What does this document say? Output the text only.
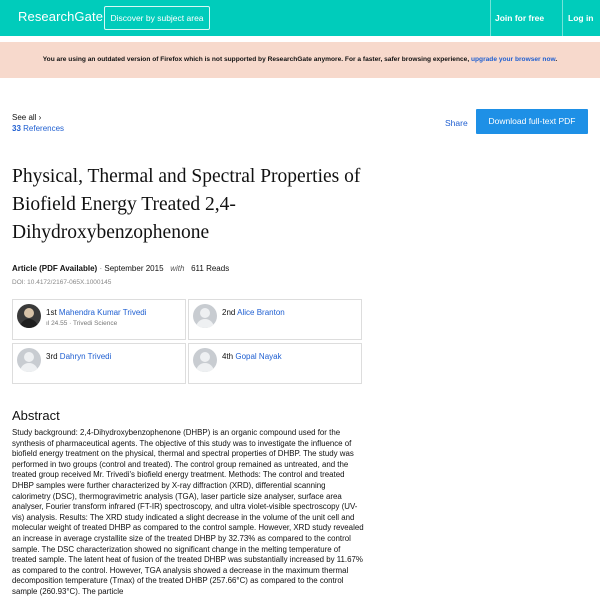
ResearchGate Discover by subject area	Join for free	Log in
You are using an outdated version of Firefox which is not supported by ResearchGate anymore. For a faster, safer browsing experience, upgrade your browser now.
See all ›
33 References
Share	Download full-text PDF
Physical, Thermal and Spectral Properties of Biofield Energy Treated 2,4-Dihydroxybenzophenone
Article (PDF Available) · September 2015 with 611 Reads
DOI: 10.4172/2167-065X.1000145
1st Mahendra Kumar Trivedi
ıl 24.55 · Trivedi Science
2nd Alice Branton
3rd Dahryn Trivedi	4th Gopal Nayak
Abstract

Study background: 2,4-Dihydroxybenzophenone (DHBP) is an organic compound used for the synthesis of pharmaceutical agents. The objective of this study was to investigate the influence of biofield energy treatment on the physical, thermal and spectral properties of DHBP. The study was performed in two groups (control and treated). The control group remained as untreated, and the treated group received Mr. Trivedi's biofield energy treatment. Methods: The control and treated DHBP samples were further characterized by X-ray diffraction (XRD), differential scanning calorimetry (DSC), thermogravimetric analysis (TGA), laser particle size analyser, surface area analyser, Fourier transform infrared (FT-IR) spectroscopy, and ultra violet-visible spectroscopy (UV-vis) analysis. Results: The XRD study indicated a slight decrease in the volume of the unit cell and molecular weight of treated DHBP as compared to the control sample. However, XRD study revealed an increase in average crystallite size of the treated DHBP by 32.73% as compared to the control sample. The DSC characterization showed no significant change in the melting temperature of treated sample. The latent heat of fusion of the treated DHBP was substantially increased by 11.67% as compared to the control. However, TGA analysis showed a decrease in the maximum thermal decomposition temperature (Tmax) of the treated DHBP (257.66°C) as compared to the control sample (260.93°C). The particle
